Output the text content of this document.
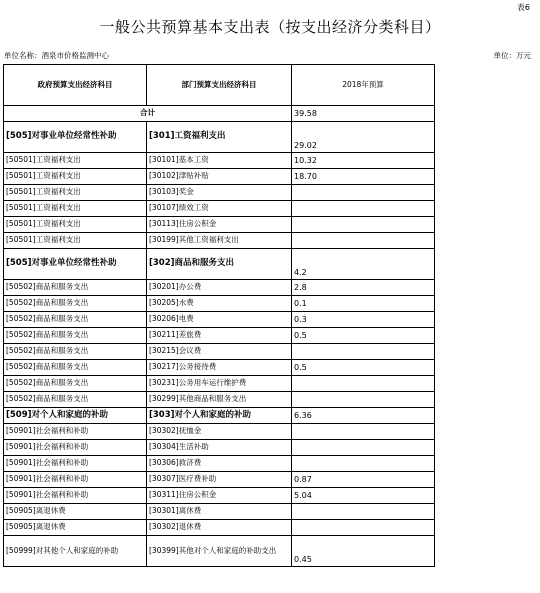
表6
一般公共预算基本支出表（按支出经济分类科目）
单位名称：酒泉市价格监测中心	单位：万元
政府预算支出经济科目	部门预算支出经济科目	2018年预算
合计		39.58
[505]对事业单位经常性补助	[301]工资福利支出	29.02
[50501]工资福利支出	[30101]基本工资	10.32
[50501]工资福利支出	[30102]津贴补贴	18.70
[50501]工资福利支出	[30103]奖金	
[50501]工资福利支出	[30107]绩效工资	
[50501]工资福利支出	[30113]住房公积金	
[50501]工资福利支出	[30199]其他工资福利支出	
[505]对事业单位经常性补助	[302]商品和服务支出	4.2
[50502]商品和服务支出	[30201]办公费	2.8
[50502]商品和服务支出	[30205]水费	0.1
[50502]商品和服务支出	[30206]电费	0.3
[50502]商品和服务支出	[30211]差旅费	0.5
[50502]商品和服务支出	[30215]会议费	
[50502]商品和服务支出	[30217]公务接待费	0.5
[50502]商品和服务支出	[30231]公务用车运行维护费	
[50502]商品和服务支出	[30299]其他商品和服务支出	
[509]对个人和家庭的补助	[303]对个人和家庭的补助	6.36
[50901]社会福利和补助	[30302]抚恤金	
[50901]社会福利和补助	[30304]生活补助	
[50901]社会福利和补助	[30306]救济费	
[50901]社会福利和补助	[30307]医疗费补助	0.87
[50901]社会福利和补助	[30311]住房公积金	5.04
[50905]离退休费	[30301]离休费	
[50905]离退休费	[30302]退休费	
[50999]对其他个人和家庭的补助	[30399]其他对个人和家庭的补助支出	0.45
